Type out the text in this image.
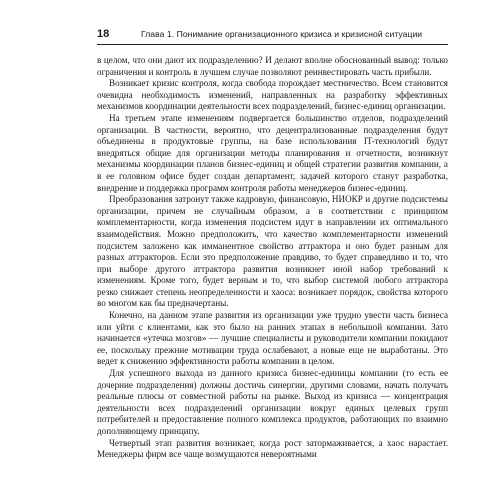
18	Глава 1. Понимание организационного кризиса и кризисной ситуации

в целом, что они дают их подразделению? И делают вполне обоснованный вывод: только ограничения и контроль в лучшем случае позволяют реинвестировать часть прибыли.

Возникает кризис контроля, когда свобода порождает местничество. Всем становится очевидна необходимость изменений, направленных на разработку эффективных механизмов координации деятельности всех подразделений, бизнес-единиц организации.

На третьем этапе изменениям подвергается большинство отделов, подразделений организации. В частности, вероятно, что децентрализованные подразделения будут объединены в продуктовые группы, на базе использования IT-технологий будут внедряться общие для организации методы планирования и отчетности, возникнут механизмы координации планов бизнес-единиц и общей стратегии развития компании, а в ее головном офисе будет создан департамент, задачей которого станут разработка, внедрение и поддержка программ контроля работы менеджеров бизнес-единиц.

Преобразования затронут также кадровую, финансовую, НИОКР и другие подсистемы организации, причем не случайным образом, а в соответствии с принципом комплементарности, когда изменения подсистем идут в направлении их оптимального взаимодействия. Можно предположить, что качество комплементарности изменений подсистем заложено как имманентное свойство аттрактора и оно будет разным для разных аттракторов. Если это предположение правдиво, то будет справедливо и то, что при выборе другого аттрактора развития возникнет иной набор требований к изменениям. Кроме того, будет верным и то, что выбор системой любого аттрактора резко снижает степень неопределенности и хаоса: возникает порядок, свойства которого во многом как бы предначертаны.

Конечно, на данном этапе развития из организации уже трудно увести часть бизнеса или уйти с клиентами, как это было на ранних этапах в небольшой компании. Зато начинается «утечка мозгов» — лучшие специалисты и руководители компании покидают ее, поскольку прежние мотивации труда ослабевают, а новые еще не выработаны. Это ведет к снижению эффективности работы компании в целом.

Для успешного выхода из данного кризиса бизнес-единицы компании (то есть ее дочерние подразделения) должны достичь синергии, другими словами, начать получать реальные плюсы от совместной работы на рынке. Выход из кризиса — концентрация деятельности всех подразделений организации вокруг единых целевых групп потребителей и предоставление полного комплекса продуктов, работающих по взаимно дополняющему принципу.

Четвертый этап развития возникает, когда рост затормаживается, а хаос нарастает. Менеджеры фирм все чаще возмущаются невероятными
